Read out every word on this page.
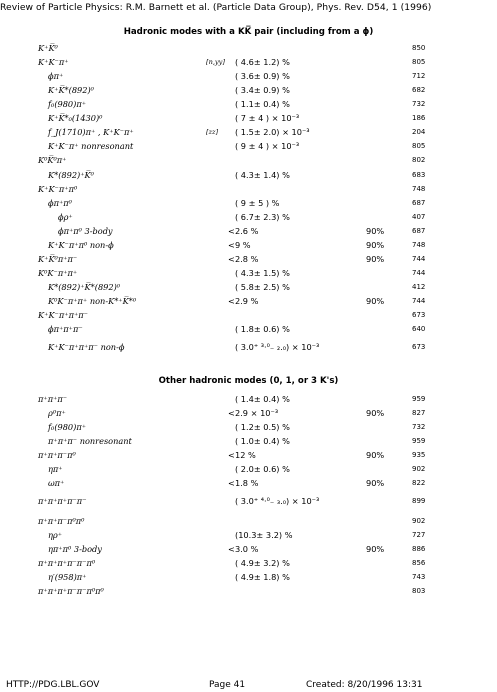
Review of Particle Physics: R.M. Barnett et al. (Particle Data Group), Phys. Rev. D54, 1 (1996)
Hadronic modes with a KK̅ pair (including from a ϕ)
K⁺K̅⁰	850
K⁺K⁻π⁺	[n,yy] ( 4.6± 1.2) %	805
ϕπ⁺	( 3.6± 0.9) %	712
K⁺K̅*(892)⁰	( 3.4± 0.9) %	682
f₀(980)π⁺	( 1.1± 0.4) %	732
K⁺K̅*₀(1430)⁰	( 7 ± 4 ) × 10⁻³	186
f_J(1710)π⁺ , K⁺K⁻π⁺	[zz] ( 1.5± 2.0) × 10⁻³	204
K⁺K⁻π⁺ nonresonant	( 9 ± 4 ) × 10⁻³	805
K⁰K̅⁰π⁺	802
K*(892)⁺K̅⁰	( 4.3± 1.4) %	683
K⁺K⁻π⁺π⁰	748
ϕπ⁺π⁰	( 9 ± 5 ) %	687
ϕρ⁺	( 6.7± 2.3) %	407
ϕπ⁺π⁰ 3-body	< 2.6 %	90%	687
K⁺K⁻π⁺π⁰ non-ϕ	< 9 %	90%	748
K⁺K̅⁰π⁺π⁻	< 2.8 %	90%	744
K⁰K⁻π⁺π⁺	( 4.3± 1.5) %	744
K*(892)⁺K̅*(892)⁰	( 5.8± 2.5) %	412
K⁰K⁻π⁺π⁺ non-K*⁺K̅*⁰	< 2.9 %	90%	744
K⁺K⁻π⁺π⁺π⁻	673
ϕπ⁺π⁺π⁻	( 1.8± 0.6) %	640
K⁺K⁻π⁺π⁺π⁻ non-ϕ	( 3.0⁺ ³·⁰₋ ₂.₀) × 10⁻³	673
Other hadronic modes (0, 1, or 3 K's)
π⁺π⁺π⁻	( 1.4± 0.4) %	959
ρ⁰π⁺	< 2.9 × 10⁻³	90%	827
f₀(980)π⁺	( 1.2± 0.5) %	732
π⁺π⁺π⁻ nonresonant	( 1.0± 0.4) %	959
π⁺π⁺π⁻π⁰	< 12 %	90%	935
ηπ⁺	( 2.0± 0.6) %	902
ωπ⁺	< 1.8 %	90%	822
π⁺π⁺π⁺π⁻π⁻	( 3.0⁺ ⁴·⁰₋ ₃.₀) × 10⁻³	899
π⁺π⁺π⁻π⁰π⁰	902
ηρ⁺	(10.3± 3.2) %	727
ηπ⁺π⁰ 3-body	< 3.0 %	90%	886
π⁺π⁺π⁺π⁻π⁻π⁰	( 4.9± 3.2) %	856
η′(958)π⁺	( 4.9± 1.8) %	743
π⁺π⁺π⁺π⁻π⁻π⁰π⁰	803
HTTP://PDG.LBL.GOV	Page 41	Created: 8/20/1996 13:31
